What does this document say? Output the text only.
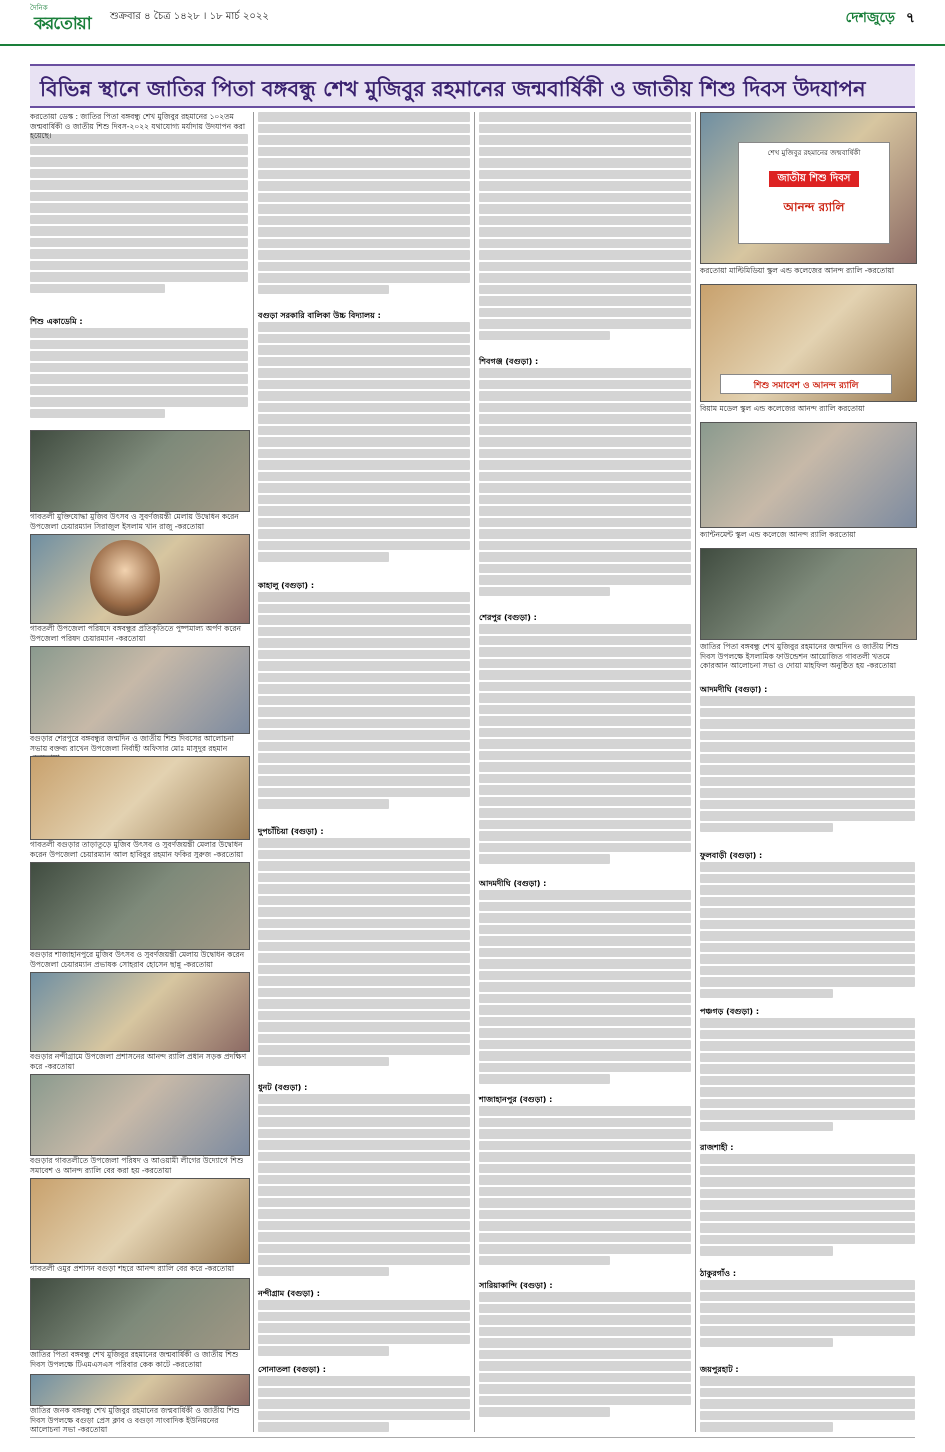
দৈনিক
করতোয়া শুক্রবার ৪ চৈত্র ১৪২৮ । ১৮ মার্চ ২০২২	দেশজুড়ে ৭
বিভিন্ন স্থানে জাতির পিতা বঙ্গবন্ধু শেখ মুজিবুর রহমানের জন্মবার্ষিকী ও জাতীয় শিশু দিবস উদযাপন
করতোয়া ডেস্ক : জাতির পিতা বঙ্গবন্ধু শেখ মুজিবুর রহমানের ১০২তম জন্মবার্ষিকী ও জাতীয় শিশু দিবস-২০২২ যথাযোগ্য মর্যাদায় উদযাপন করা হয়েছে।
শিশু একাডেমি :
গাবতলী মুক্তিযোদ্ধা মুজিব উৎসব ও সুবর্ণজয়ন্তী মেলায় উদ্বোধন করেন উপজেলা চেয়ারম্যান সিরাজুল ইসলাম খান রাজু -করতোয়া
গাবতলী উপজেলা পরিষদে বঙ্গবন্ধুর প্রতিকৃতিতে পুষ্পমাল্য অর্পণ করেন উপজেলা পরিষদ চেয়ারম্যান -করতোয়া
বগুড়ার শেরপুরে বঙ্গবন্ধুর জন্মদিন ও জাতীয় শিশু দিবসের আলোচনা সভায় বক্তব্য রাখেন উপজেলা নির্বাহী অফিসার মোঃ মাসুদুর রহমান
গাবতলী বগুড়ার তাড়াতুড়ে মুজিব উৎসব ও সুবর্ণজয়ন্তী মেলার উদ্বোধন করেন উপজেলা চেয়ারম্যান আল হাবিবুর রহমান ফকির সুরুজ -করতোয়া
বগুড়ার শাজাহানপুরে মুজিব উৎসব ও সুবর্ণজয়ন্তী মেলায় উদ্বোধন করেন উপজেলা চেয়ারম্যান প্রভাষক সোহরাব হোসেন ছান্নু -করতোয়া
বগুড়ার নন্দীগ্রামে উপজেলা প্রশাসনের আনন্দ র‌্যালি প্রধান সড়ক প্রদক্ষিণ করে -করতোয়া
বগুড়ার গাবতলীতে উপজেলা পরিষদ ও আওয়ামী লীগের উদ্যোগে শিশু সমাবেশ ও আনন্দ র‌্যালি বের করা হয় -করতোয়া
গাবতলী ওমুর প্রশাসন বগুড়া শহরে আনন্দ র‌্যালি বের করে -করতোয়া
জাতির পিতা বঙ্গবন্ধু শেখ মুজিবুর রহমানের জন্মবার্ষিকী ও জাতীয় শিশু দিবস উপলক্ষে টিএমএসএস পরিবার কেক কাটে -করতোয়া
জাতির জনক বঙ্গবন্ধু শেখ মুজিবুর রহমানের জন্মবার্ষিকী ও জাতীয় শিশু দিবস উপলক্ষে বগুড়া প্রেস ক্লাব ও বগুড়া সাংবাদিক ইউনিয়নের আলোচনা সভা -করতোয়া
বগুড়া সরকারি বালিকা উচ্চ বিদ্যালয় :
কাহালু (বগুড়া) :
দুপচাঁচিয়া (বগুড়া) :
ধুনট (বগুড়া) :
নন্দীগ্রাম (বগুড়া) :
সোনাতলা (বগুড়া) :
শিবগঞ্জ (বগুড়া) :
শেরপুর (বগুড়া) :
আদমদীঘি (বগুড়া) :
শাজাহানপুর (বগুড়া) :
সারিয়াকান্দি (বগুড়া) :
শেখ মুজিবুর রহমানের জন্মবার্ষিকী
জাতীয় শিশু দিবস
আনন্দ র‌্যালি
করতোয়া মাল্টিমিডিয়া স্কুল এন্ড কলেজের আনন্দ র‌্যালি -করতোয়া
শিশু সমাবেশ ও আনন্দ র‌্যালি
বিয়াম মডেল স্কুল এন্ড কলেজের আনন্দ র‌্যালি করতোয়া
ক্যান্টনমেন্ট স্কুল এন্ড কলেজে আনন্দ র‌্যালি করতোয়া
জাতির পিতা বঙ্গবন্ধু শেখ মুজিবুর রহমানের জন্মদিন ও জাতীয় শিশু দিবস উপলক্ষে ইসলামিক ফাউন্ডেশন আয়োজিত গাবতলী খতমে কোরআন আলোচনা সভা ও দোয়া মাহফিল অনুষ্ঠিত হয় -করতোয়া
আদমদীঘি (বগুড়া) :
ফুলবাড়ী (বগুড়া) :
পঞ্চগড় (বগুড়া) :
রাজশাহী :
ঠাকুরগাঁও :
জয়পুরহাট :
